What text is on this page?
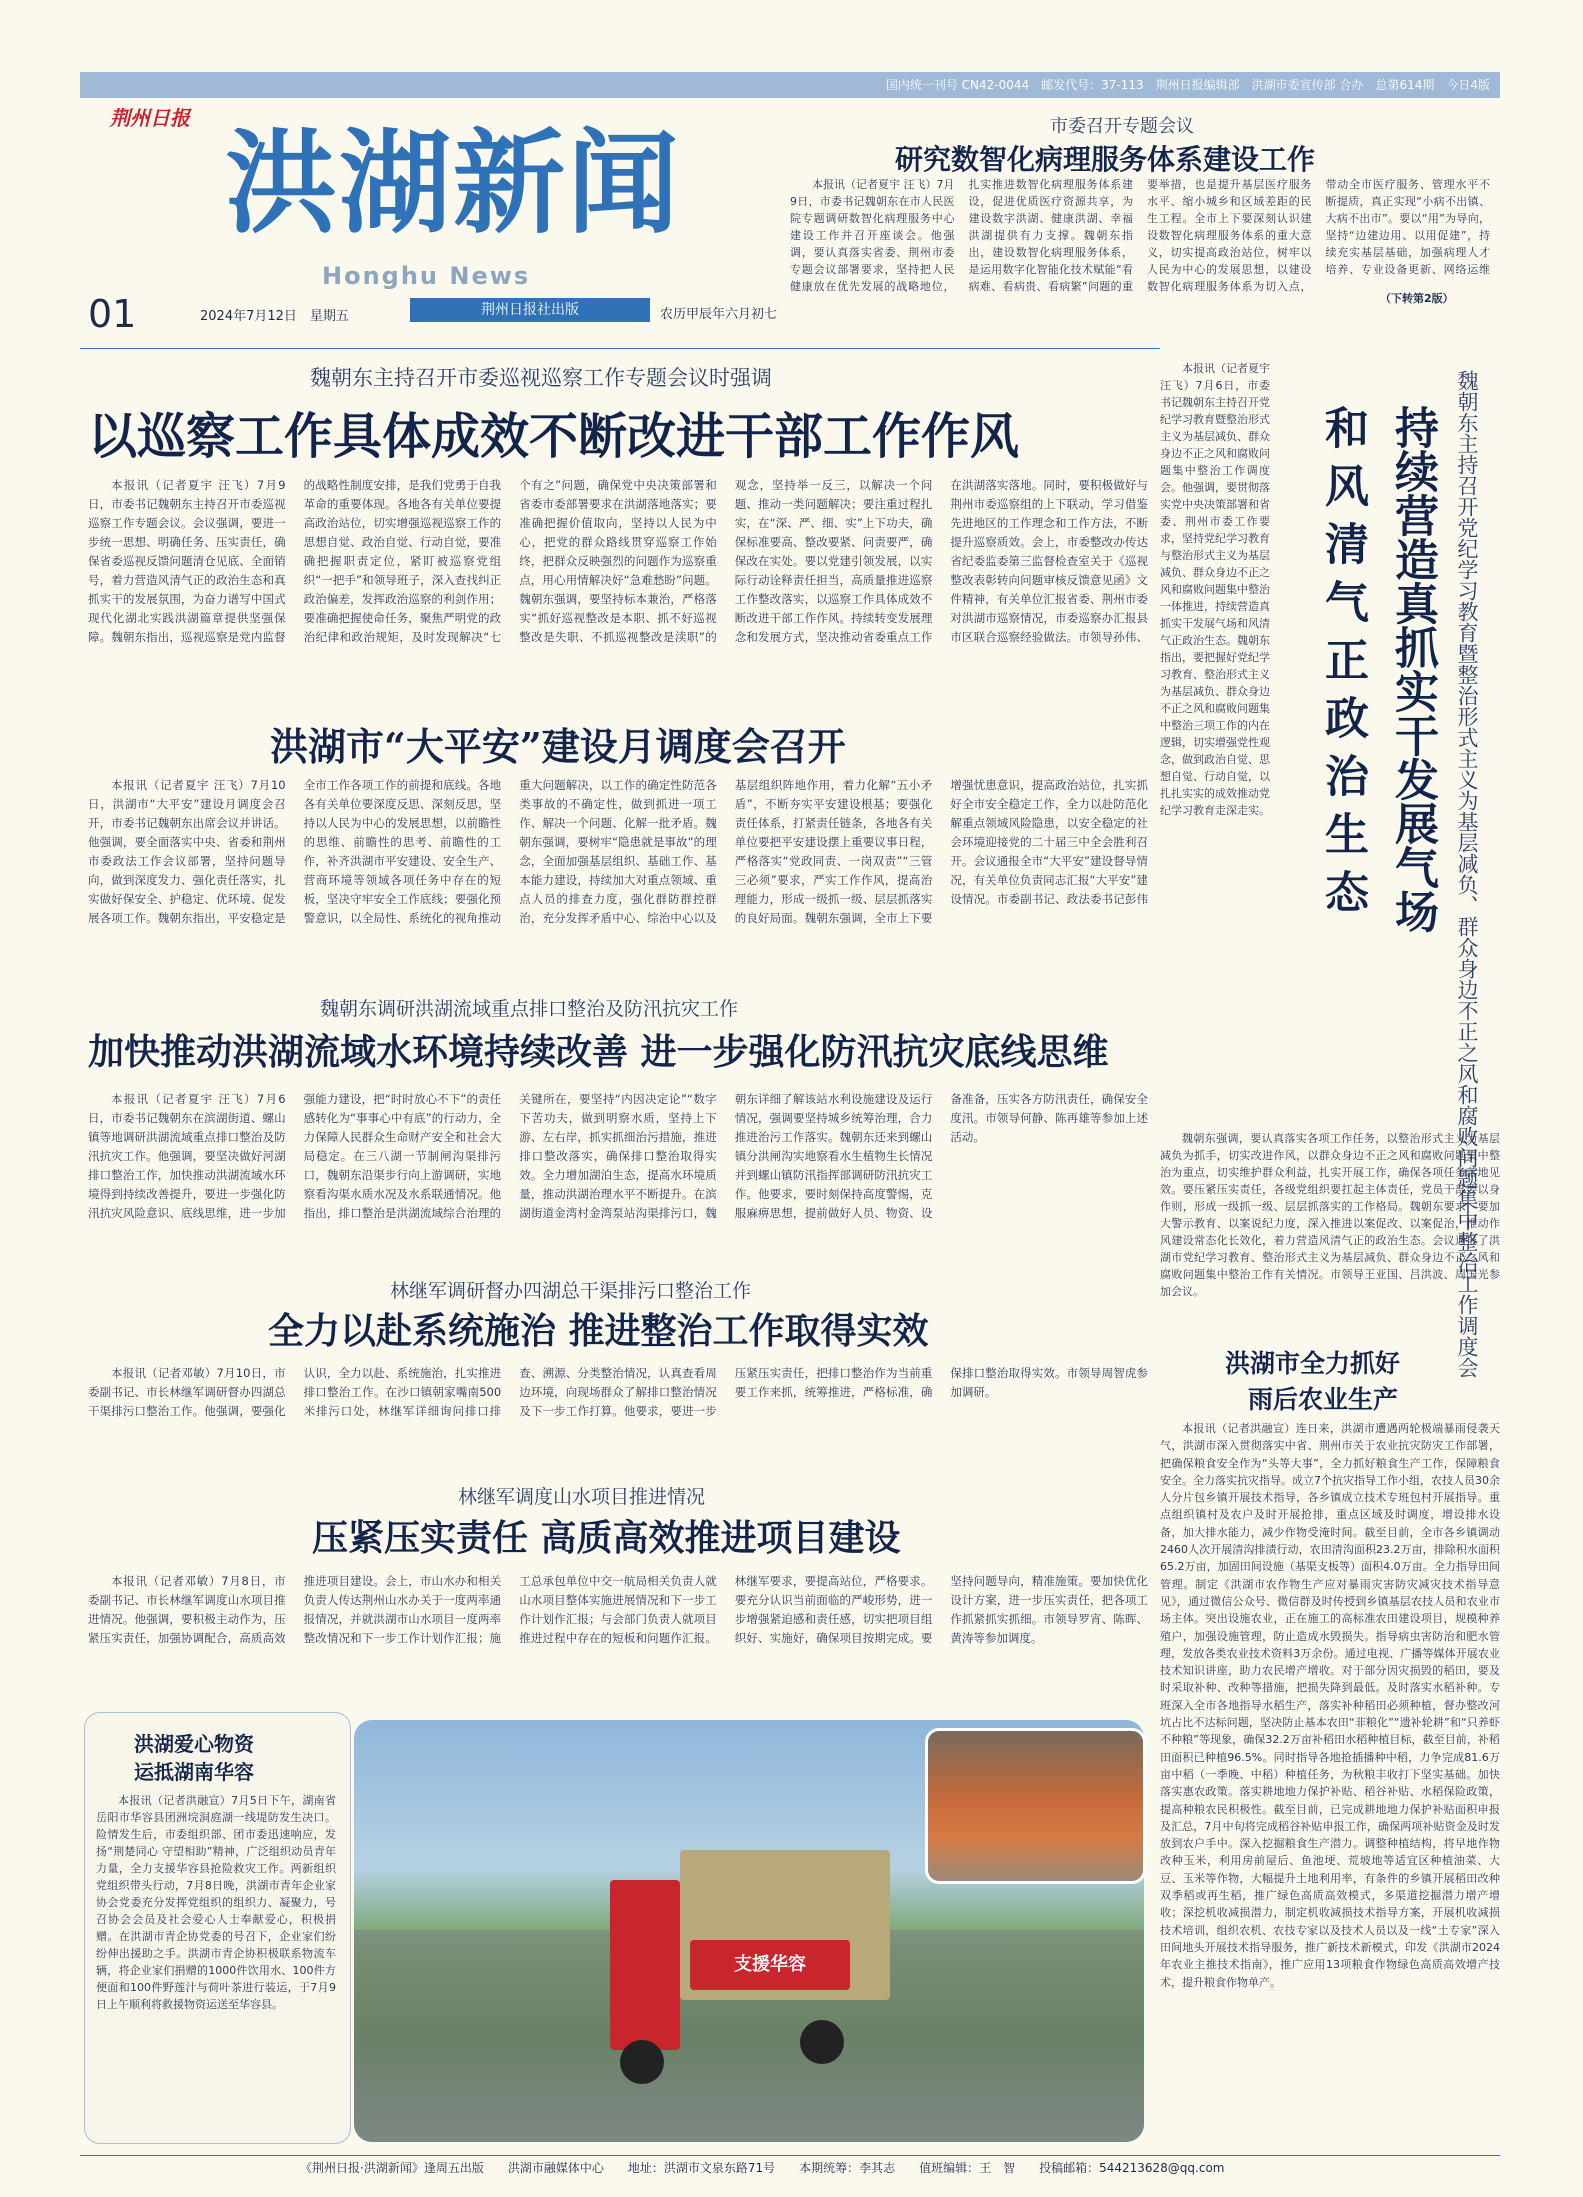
国内统一刊号 CN42-0044　邮发代号：37-113　荆州日报编辑部　洪湖市委宣传部 合办　总第614期　今日4版
荆州日报 洪湖新闻
Honghu News
01	2024年7月12日　星期五	荆州日报社出版	农历甲辰年六月初七
市委召开专题会议
研究数智化病理服务体系建设工作

本报讯（记者夏宇 汪飞）7月9日，市委书记魏朝东在市人民医院专题调研数智化病理服务中心建设工作并召开座谈会。他强调，要认真落实省委、荆州市委专题会议部署要求，坚持把人民健康放在优先发展的战略地位，扎实推进数智化病理服务体系建设，促进优质医疗资源共享，为建设数字洪湖、健康洪湖、幸福洪湖提供有力支撑。魏朝东指出，建设数智化病理服务体系，是运用数字化智能化技术赋能“看病难、看病贵、看病繁”问题的重要举措，也是提升基层医疗服务水平、缩小城乡和区域差距的民生工程。全市上下要深刻认识建设数智化病理服务体系的重大意义，切实提高政治站位，树牢以人民为中心的发展思想，以建设数智化病理服务体系为切入点，带动全市医疗服务、管理水平不断提质，真正实现“小病不出镇、大病不出市”。要以“用”为导向，坚持“边建边用、以用促建”，持续充实基层基础，加强病理人才培养、专业设备更新、网络运维

（下转第2版）
魏朝东主持召开市委巡视巡察工作专题会议时强调
以巡察工作具体成效不断改进干部工作作风

本报讯（记者夏宇 汪飞）7月9日，市委书记魏朝东主持召开市委巡视巡察工作专题会议。会议强调，要进一步统一思想、明确任务、压实责任，确保省委巡视反馈问题清仓见底、全面销号，着力营造风清气正的政治生态和真抓实干的发展氛围，为奋力谱写中国式现代化湖北实践洪湖篇章提供坚强保障。魏朝东指出，巡视巡察是党内监督的战略性制度安排，是我们党勇于自我革命的重要体现。各地各有关单位要提高政治站位，切实增强巡视巡察工作的思想自觉、政治自觉、行动自觉，要准确把握职责定位，紧盯被巡察党组织“一把手”和领导班子，深入查找纠正政治偏差，发挥政治巡察的利剑作用；要准确把握使命任务，聚焦严明党的政治纪律和政治规矩，及时发现解决“七个有之”问题，确保党中央决策部署和省委市委部署要求在洪湖落地落实；要准确把握价值取向，坚持以人民为中心，把党的群众路线贯穿巡察工作始终，把群众反映强烈的问题作为巡察重点，用心用情解决好“急难愁盼”问题。魏朝东强调，要坚持标本兼治，严格落实“抓好巡视整改是本职、抓不好巡视整改是失职、不抓巡视整改是渎职”的观念，坚持举一反三，以解决一个问题、推动一类问题解决；要注重过程扎实，在“深、严、细、实”上下功夫，确保标准要高、整改要紧、问责要严，确保改在实处。要以党建引领发展，以实际行动诠释责任担当，高质量推进巡察工作整改落实，以巡察工作具体成效不断改进干部工作作风。持续转变发展理念和发展方式，坚决推动省委重点工作在洪湖落实落地。同时，要积极做好与荆州市委巡察组的上下联动，学习借鉴先进地区的工作理念和工作方法，不断提升巡察质效。会上，市委整改办传达省纪委监委第三监督检查室关于《巡视整改表彰转向问题审核反馈意见函》文件精神，有关单位汇报省委、荆州市委对洪湖市巡察情况，市委巡察办汇报县市区联合巡察经验做法。市领导孙伟、

洪湖市“大平安”建设月调度会召开

本报讯（记者夏宇 汪飞）7月10日，洪湖市“大平安”建设月调度会召开，市委书记魏朝东出席会议并讲话。他强调，要全面落实中央、省委和荆州市委政法工作会议部署，坚持问题导向，做到深度发力、强化责任落实，扎实做好保安全、护稳定、优环境、促发展各项工作。魏朝东指出，平安稳定是全市工作各项工作的前提和底线。各地各有关单位要深度反思、深刻反思，坚持以人民为中心的发展思想，以前瞻性的思维、前瞻性的思考、前瞻性的工作，补齐洪湖市平安建设、安全生产、营商环境等领域各项任务中存在的短板，坚决守牢安全工作底线；要强化预警意识，以全局性、系统化的视角推动重大问题解决，以工作的确定性防范各类事故的不确定性，做到抓进一项工作、解决一个问题、化解一批矛盾。魏朝东强调，要树牢“隐患就是事故”的理念，全面加强基层组织、基础工作、基本能力建设，持续加大对重点领域、重点人员的排查力度，强化群防群控群治，充分发挥矛盾中心、综治中心以及基层组织阵地作用，着力化解“五小矛盾”，不断夯实平安建设根基；要强化责任体系，打紧责任链条，各地各有关单位要把平安建设摆上重要议事日程，严格落实“党政同责、一岗双责”“三管三必须”要求，严实工作作风，提高治理能力，形成一级抓一级、层层抓落实的良好局面。魏朝东强调，全市上下要增强忧患意识，提高政治站位，扎实抓好全市安全稳定工作，全力以赴防范化解重点领域风险隐患，以安全稳定的社会环境迎接党的二十届三中全会胜利召开。会议通报全市“大平安”建设督导情况，有关单位负责同志汇报“大平安”建设情况。市委副书记、政法委书记彭伟

魏朝东调研洪湖流域重点排口整治及防汛抗灾工作
加快推动洪湖流域水环境持续改善 进一步强化防汛抗灾底线思维

本报讯（记者夏宇 汪飞）7月6日，市委书记魏朝东在滨湖街道、螺山镇等地调研洪湖流域重点排口整治及防汛抗灾工作。他强调，要坚决做好河湖排口整治工作，加快推动洪湖流域水环境得到持续改善提升，要进一步强化防汛抗灾风险意识、底线思维，进一步加强能力建设，把“时时放心不下”的责任感转化为“事事心中有底”的行动力，全力保障人民群众生命财产安全和社会大局稳定。在三八湖一节制闸沟渠排污口，魏朝东沿渠步行向上游调研，实地察看沟渠水质水况及水系联通情况。他指出，排口整治是洪湖流域综合治理的关键所在，要坚持“内因决定论”“数字下苦功夫，做到明察水质，坚持上下游、左右岸，抓实抓细治污措施，推进排口整改落实，确保排口整治取得实效。全力增加湖泊生态，提高水环境质量，推动洪湖治理水平不断提升。在滨湖街道金湾村金湾泵站沟渠排污口，魏朝东详细了解该站水利设施建设及运行情况，强调要坚持城乡统筹治理，合力推进治污工作落实。魏朝东还来到螺山镇分洪闸沟实地察看水生植物生长情况并到螺山镇防汛指挥部调研防汛抗灾工作。他要求，要时刻保持高度警惕，克服麻痹思想，提前做好人员、物资、设备准备，压实各方防汛责任，确保安全度汛。市领导何静、陈再雄等参加上述活动。

林继军调研督办四湖总干渠排污口整治工作
全力以赴系统施治 推进整治工作取得实效

本报讯（记者邓敏）7月10日，市委副书记、市长林继军调研督办四湖总干渠排污口整治工作。他强调，要强化认识，全力以赴、系统施治，扎实推进排口整治工作。在沙口镇朝家嘴南500米排污口处，林继军详细询问排口排查、溯源、分类整治情况，认真查看周边环境，向现场群众了解排口整治情况及下一步工作打算。他要求，要进一步压紧压实责任，把排口整治作为当前重要工作来抓，统筹推进，严格标准，确保排口整治取得实效。市领导周智虎参加调研。

林继军调度山水项目推进情况
压紧压实责任 高质高效推进项目建设

本报讯（记者邓敏）7月8日，市委副书记、市长林继军调度山水项目推进情况。他强调，要积极主动作为，压紧压实责任，加强协调配合，高质高效推进项目建设。会上，市山水办和相关负责人传达荆州山水办关于一度两率通报情况，并就洪湖市山水项目一度两率整改情况和下一步工作计划作汇报；施工总承包单位中交一航局相关负责人就山水项目整体实施进展情况和下一步工作计划作汇报；与会部门负责人就项目推进过程中存在的短板和问题作汇报。林继军要求，要提高站位，严格要求。要充分认识当前面临的严峻形势，进一步增强紧迫感和责任感，切实把项目组织好、实施好，确保项目按期完成。要坚持问题导向，精准施策。要加快优化设计方案，进一步压实责任，把各项工作抓紧抓实抓细。市领导罗宵、陈晖、黄涛等参加调度。

本报讯（记者夏宇 汪飞）7月6日，市委书记魏朝东主持召开党纪学习教育暨整治形式主义为基层减负、群众身边不正之风和腐败问题集中整治工作调度会。他强调，要贯彻落实党中央决策部署和省委、荆州市委工作要求，坚持党纪学习教育与整治形式主义为基层减负、群众身边不正之风和腐败问题集中整治一体推进，持续营造真抓实干发展气场和风清气正政治生态。魏朝东指出，要把握好党纪学习教育、整治形式主义为基层减负、群众身边不正之风和腐败问题集中整治三项工作的内在逻辑，切实增强党性观念，做到政治自觉、思想自觉、行动自觉，以扎扎实实的成效推动党纪学习教育走深走实。	魏朝东主持召开党纪学习教育暨整治形式主义为基层减负、群众身边不正之风和腐败问题集中整治工作调度会
持续营造真抓实干发展气场
和风清气正政治生态

魏朝东强调，要认真落实各项工作任务，以整治形式主义为基层减负为抓手，切实改进作风，以群众身边不正之风和腐败问题集中整治为重点，切实维护群众利益，扎实开展工作，确保各项任务落地见效。要压紧压实责任，各级党组织要扛起主体责任，党员干部要以身作则，形成一级抓一级、层层抓落实的工作格局。魏朝东要求，要加大警示教育、以案说纪力度，深入推进以案促改、以案促治，推动作风建设常态化长效化，着力营造风清气正的政治生态。会议通报了洪湖市党纪学习教育、整治形式主义为基层减负、群众身边不正之风和腐败问题集中整治工作有关情况。市领导王亚国、吕洪波、周国光参加会议。

洪湖市全力抓好
雨后农业生产

本报讯（记者洪融宣）连日来，洪湖市遭遇两轮极端暴雨侵袭天气，洪湖市深入贯彻落实中省、荆州市关于农业抗灾防灾工作部署，把确保粮食安全作为“头等大事”，全力抓好粮食生产工作，保障粮食安全。全力落实抗灾指导。成立7个抗灾指导工作小组，农技人员30余人分片包乡镇开展技术指导，各乡镇成立技术专班包村开展指导。重点组织镇村及农户及时开展抢排，重点区域及时调度，增设排水设备，加大排水能力，减少作物受淹时间。截至目前，全市各乡镇调动2460人次开展清沟排渍行动，农田清沟面积23.2万亩，排除积水面积65.2万亩，加固田间设施（基渠支板等）面积4.0万亩。全力指导田间管理。制定《洪湖市农作物生产应对暴雨灾害防灾减灾技术指导意见》，通过微信公众号、微信群及时传授到乡镇基层农技人员和农业市场主体。突出设施农业，正在施工的高标准农田建设项目，规模种养殖户，加强设施管理，防止造成水毁损失。指导病虫害防治和肥水管理，发放各类农业技术资料3万余份。通过电视、广播等媒体开展农业技术知识讲座，助力农民增产增收。对于部分因灾损毁的稻田，要及时采取补种、改种等措施，把损失降到最低。及时落实水稻补种。专班深入全市各地指导水稻生产，落实补种稻田必须种植，督办整改河坑占比不达标问题，坚决防止基本农田“非粮化”“遗补轮耕”和“只养虾不种粮”等现象，确保32.2万亩补稻田水稻种植目标，截至目前，补稻田面积已种植96.5%。同时指导各地抢插播种中稻，力争完成81.6万亩中稻（一季晚、中稻）种植任务，为秋粮丰收打下坚实基础。加快落实惠农政策。落实耕地地力保护补贴、稻谷补贴、水稻保险政策，提高种粮农民积极性。截至目前，已完成耕地地力保护补贴面积申报及汇总，7月中旬将完成稻谷补贴申报工作，确保两项补贴资金及时发放到农户手中。深入挖掘粮食生产潜力。调整种植结构，将早地作物改种玉米，利用房前屋后、鱼池埂、荒坡地等适宜区种植油菜、大豆、玉米等作物，大幅提升土地利用率，有条件的乡镇开展稻田改种双季稻或再生稻，推广绿色高质高效模式，多渠道挖掘潜力增产增收；深挖机收减损潜力，制定机收减损技术指导方案，开展机收减损技术培训，组织农机、农技专家以及技术人员以及一线“土专家”深入田间地头开展技术指导服务，推广新技术新模式，印发《洪湖市2024年农业主推技术指南》，推广应用13项粮食作物绿色高质高效增产技术，提升粮食作物单产。

洪湖爱心物资
运抵湖南华容

本报讯（记者洪融宣）7月5日下午，湖南省岳阳市华容县团洲垸洞庭湖一线堤防发生决口。险情发生后，市委组织部、团市委迅速响应，发扬“荆楚同心 守望相助”精神，广泛组织动员青年力量，全力支援华容县抢险救灾工作。两新组织党组织带头行动，7月8日晚，洪湖市青年企业家协会党委充分发挥党组织的组织力、凝聚力，号召协会会员及社会爱心人士奉献爱心，积极捐赠。在洪湖市青企协党委的号召下，企业家们纷纷伸出援助之手。洪湖市青企协积极联系物流车辆，将企业家们捐赠的1000件饮用水、100件方便面和100件野莲汁与荷叶茶进行装运，于7月9日上午顺利将救援物资运送至华容县。

支援华容
《荆州日报·洪湖新闻》逢周五出版　　洪湖市融媒体中心　　地址：洪湖市文泉东路71号　　本期统筹：李其志　　值班编辑：王　智　　投稿邮箱：544213628@qq.com
